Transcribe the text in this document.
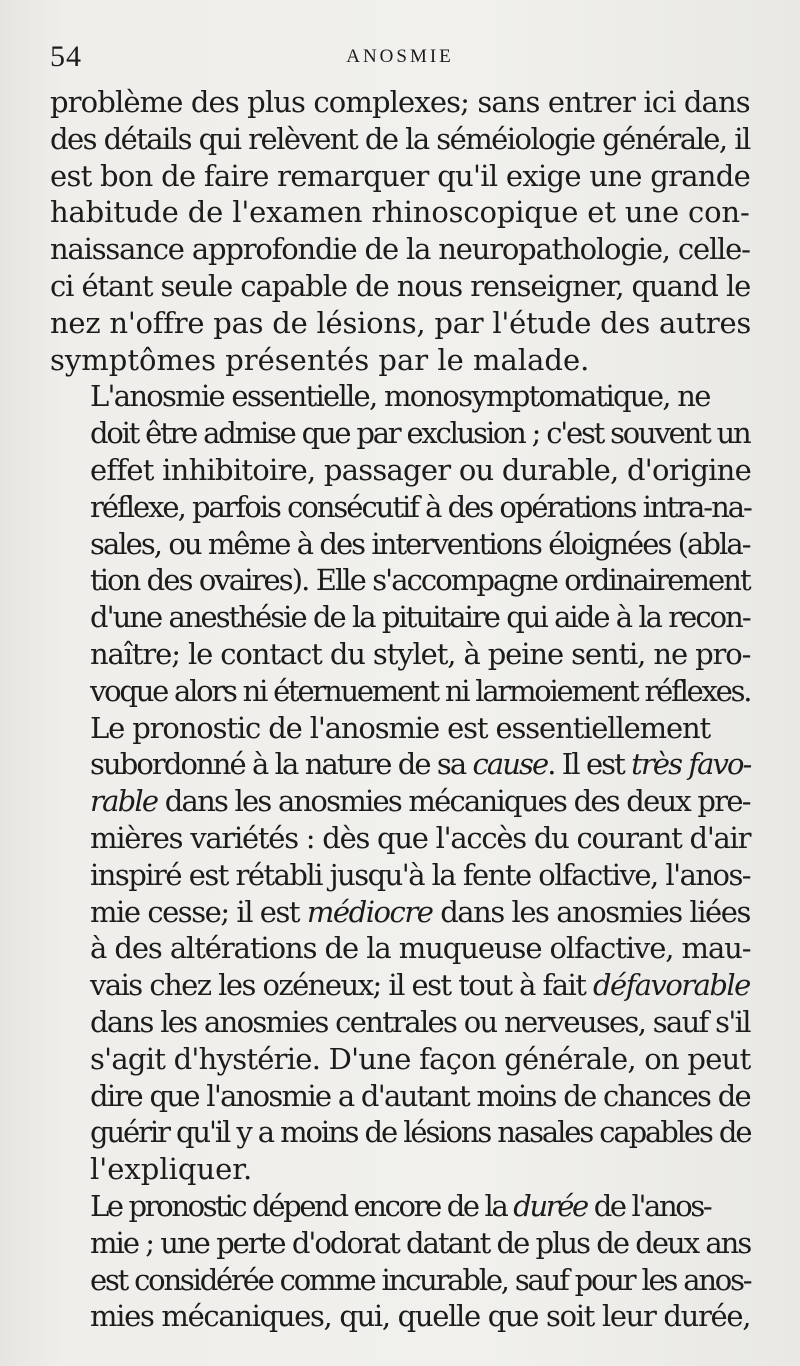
54	ANOSMIE
problème des plus complexes; sans entrer ici dans
des détails qui relèvent de la séméiologie générale, il
est bon de faire remarquer qu'il exige une grande
habitude de l'examen rhinoscopique et une con-
naissance approfondie de la neuropathologie, celle-
ci étant seule capable de nous renseigner, quand le
nez n'offre pas de lésions, par l'étude des autres
symptômes présentés par le malade.
L'anosmie essentielle, monosymptomatique, ne
doit être admise que par exclusion ; c'est souvent un
effet inhibitoire, passager ou durable, d'origine
réflexe, parfois consécutif à des opérations intra-na-
sales, ou même à des interventions éloignées (abla-
tion des ovaires). Elle s'accompagne ordinairement
d'une anesthésie de la pituitaire qui aide à la recon-
naître; le contact du stylet, à peine senti, ne pro-
voque alors ni éternuement ni larmoiement réflexes.
Le pronostic de l'anosmie est essentiellement
subordonné à la nature de sa cause. Il est très favo-
rable dans les anosmies mécaniques des deux pre-
mières variétés : dès que l'accès du courant d'air
inspiré est rétabli jusqu'à la fente olfactive, l'anos-
mie cesse; il est médiocre dans les anosmies liées
à des altérations de la muqueuse olfactive, mau-
vais chez les ozéneux; il est tout à fait défavorable
dans les anosmies centrales ou nerveuses, sauf s'il
s'agit d'hystérie. D'une façon générale, on peut
dire que l'anosmie a d'autant moins de chances de
guérir qu'il y a moins de lésions nasales capables de
l'expliquer.
Le pronostic dépend encore de la durée de l'anos-
mie ; une perte d'odorat datant de plus de deux ans
est considérée comme incurable, sauf pour les anos-
mies mécaniques, qui, quelle que soit leur durée,
